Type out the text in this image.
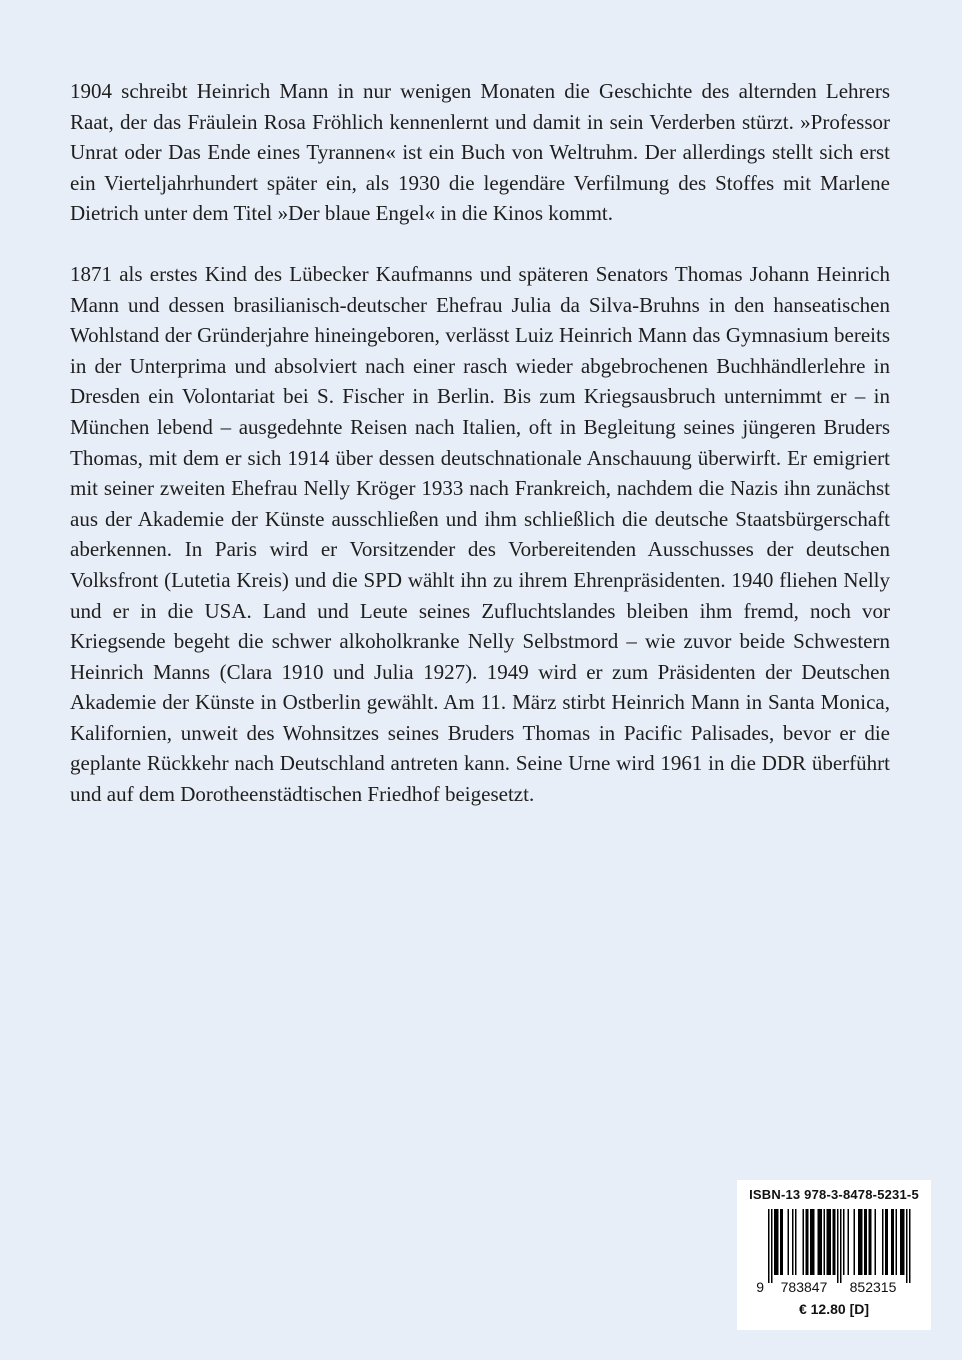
1904 schreibt Heinrich Mann in nur wenigen Monaten die Geschichte des alternden Lehrers Raat, der das Fräulein Rosa Fröhlich kennenlernt und damit in sein Verderben stürzt. »Professor Unrat oder Das Ende eines Tyrannen« ist ein Buch von Weltruhm. Der allerdings stellt sich erst ein Vierteljahrhundert später ein, als 1930 die legendäre Verfilmung des Stoffes mit Marlene Dietrich unter dem Titel »Der blaue Engel« in die Kinos kommt.

1871 als erstes Kind des Lübecker Kaufmanns und späteren Senators Thomas Johann Heinrich Mann und dessen brasilianisch-deutscher Ehefrau Julia da Silva-Bruhns in den hanseatischen Wohlstand der Gründerjahre hineingeboren, verlässt Luiz Heinrich Mann das Gymnasium bereits in der Unterprima und absolviert nach einer rasch wieder abgebrochenen Buchhändlerlehre in Dresden ein Volontariat bei S. Fischer in Berlin. Bis zum Kriegsausbruch unternimmt er – in München lebend – ausgedehnte Reisen nach Italien, oft in Begleitung seines jüngeren Bruders Thomas, mit dem er sich 1914 über dessen deutschnationale Anschauung überwirft. Er emigriert mit seiner zweiten Ehefrau Nelly Kröger 1933 nach Frankreich, nachdem die Nazis ihn zunächst aus der Akademie der Künste ausschließen und ihm schließlich die deutsche Staatsbürgerschaft aberkennen. In Paris wird er Vorsitzender des Vorbereitenden Ausschusses der deutschen Volksfront (Lutetia Kreis) und die SPD wählt ihn zu ihrem Ehrenpräsidenten. 1940 fliehen Nelly und er in die USA. Land und Leute seines Zufluchtslandes bleiben ihm fremd, noch vor Kriegsende begeht die schwer alkoholkranke Nelly Selbstmord – wie zuvor beide Schwestern Heinrich Manns (Clara 1910 und Julia 1927). 1949 wird er zum Präsidenten der Deutschen Akademie der Künste in Ostberlin gewählt. Am 11. März stirbt Heinrich Mann in Santa Monica, Kalifornien, unweit des Wohnsitzes seines Bruders Thomas in Pacific Palisades, bevor er die geplante Rückkehr nach Deutschland antreten kann. Seine Urne wird 1961 in die DDR überführt und auf dem Dorotheenstädtischen Friedhof beigesetzt.

ISBN-13 978-3-8478-5231-5
9 783847 852315
€ 12.80 [D]
